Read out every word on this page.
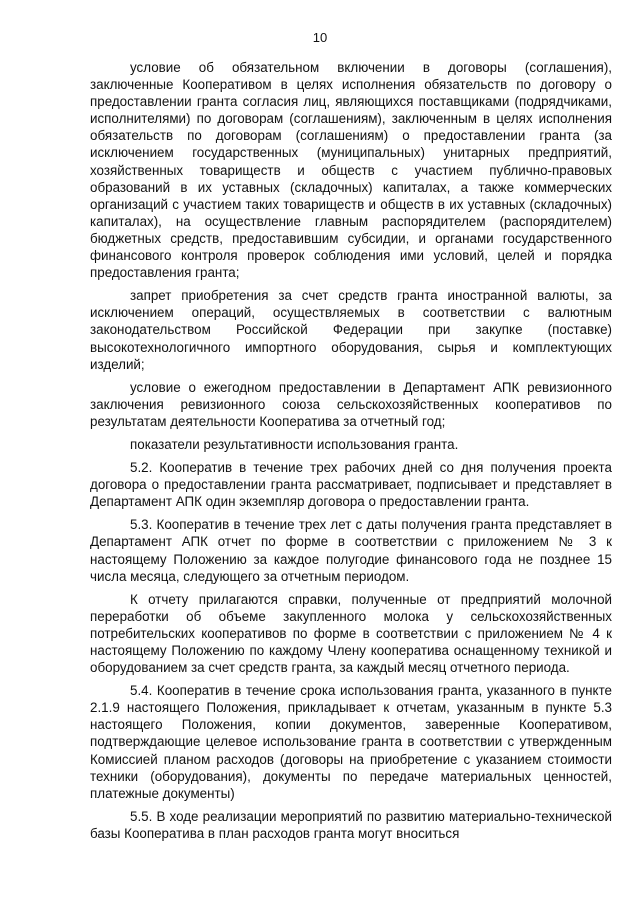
10

условие об обязательном включении в договоры (соглашения), заключенные Кооперативом в целях исполнения обязательств по договору о предоставлении гранта согласия лиц, являющихся поставщиками (подрядчиками, исполнителями) по договорам (соглашениям), заключенным в целях исполнения обязательств по договорам (соглашениям) о предоставлении гранта (за исключением государственных (муниципальных) унитарных предприятий, хозяйственных товариществ и обществ с участием публично-правовых образований в их уставных (складочных) капиталах, а также коммерческих организаций с участием таких товариществ и обществ в их уставных (складочных) капиталах), на осуществление главным распорядителем (распорядителем) бюджетных средств, предоставившим субсидии, и органами государственного финансового контроля проверок соблюдения ими условий, целей и порядка предоставления гранта;

запрет приобретения за счет средств гранта иностранной валюты, за исключением операций, осуществляемых в соответствии с валютным законодательством Российской Федерации при закупке (поставке) высокотехнологичного импортного оборудования, сырья и комплектующих изделий;

условие о ежегодном предоставлении в Департамент АПК ревизионного заключения ревизионного союза сельскохозяйственных кооперативов по результатам деятельности Кооператива за отчетный год;

показатели результативности использования гранта.

5.2. Кооператив в течение трех рабочих дней со дня получения проекта договора о предоставлении гранта рассматривает, подписывает и представляет в Департамент АПК один экземпляр договора о предоставлении гранта.

5.3. Кооператив в течение трех лет с даты получения гранта представляет в Департамент АПК отчет по форме в соответствии с приложением № 3 к настоящему Положению за каждое полугодие финансового года не позднее 15 числа месяца, следующего за отчетным периодом.

К отчету прилагаются справки, полученные от предприятий молочной переработки об объеме закупленного молока у сельскохозяйственных потребительских кооперативов по форме в соответствии с приложением № 4 к настоящему Положению по каждому Члену кооператива оснащенному техникой и оборудованием за счет средств гранта, за каждый месяц отчетного периода.

5.4. Кооператив в течение срока использования гранта, указанного в пункте 2.1.9 настоящего Положения, прикладывает к отчетам, указанным в пункте 5.3 настоящего Положения, копии документов, заверенные Кооперативом, подтверждающие целевое использование гранта в соответствии с утвержденным Комиссией планом расходов (договоры на приобретение с указанием стоимости техники (оборудования), документы по передаче материальных ценностей, платежные документы)

5.5. В ходе реализации мероприятий по развитию материально-технической базы Кооператива в план расходов гранта могут вноситься
